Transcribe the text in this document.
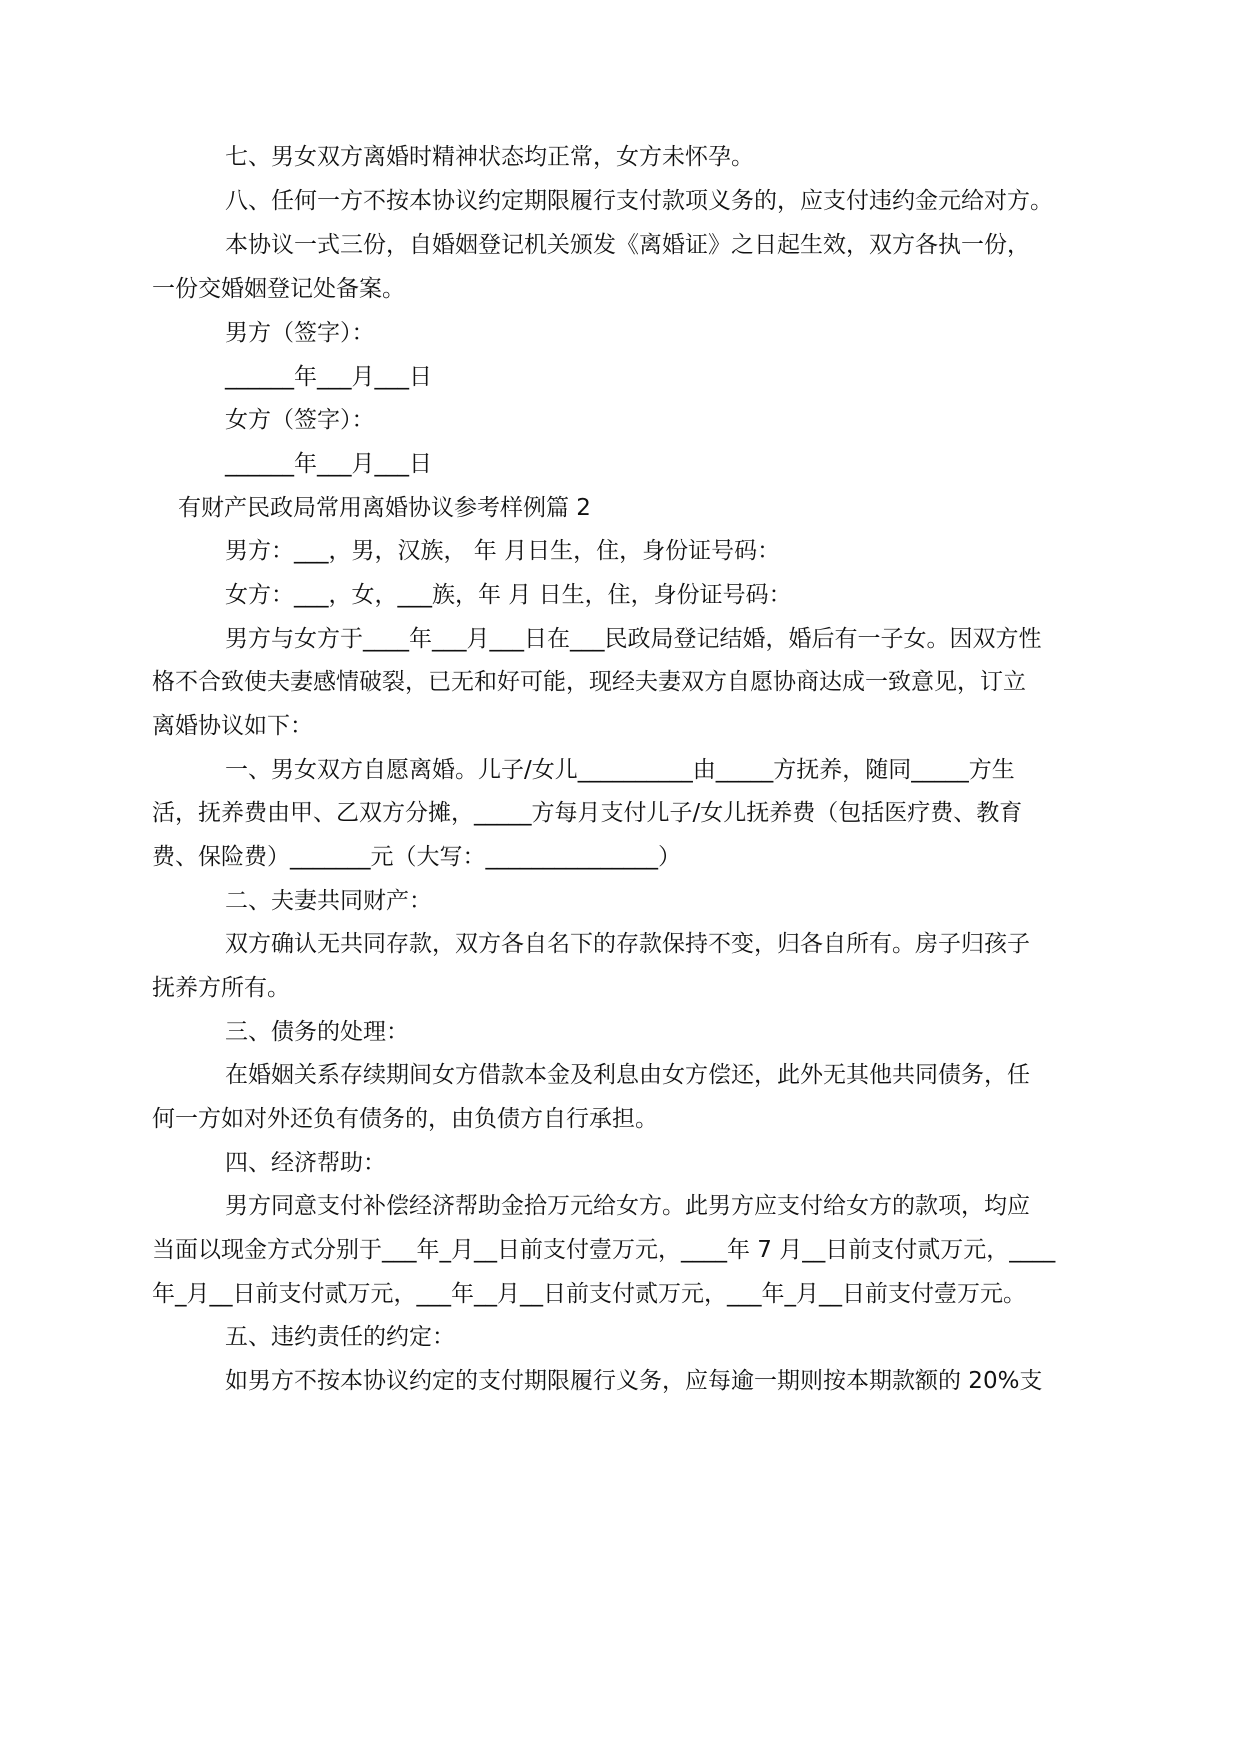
七、男女双方离婚时精神状态均正常，女方未怀孕。
八、任何一方不按本协议约定期限履行支付款项义务的，应支付违约金元给对方。
本协议一式三份，自婚姻登记机关颁发《离婚证》之日起生效，双方各执一份，
一份交婚姻登记处备案。
男方（签字）：
______年___月___日
女方（签字）：
______年___月___日
有财产民政局常用离婚协议参考样例篇 2
男方：___，男，汉族， 年 月日生，住，身份证号码：
女方：___，女，___族，年 月 日生，住，身份证号码：
男方与女方于____年___月___日在___民政局登记结婚，婚后有一子女。因双方性
格不合致使夫妻感情破裂，已无和好可能，现经夫妻双方自愿协商达成一致意见，订立
离婚协议如下：
一、男女双方自愿离婚。儿子/女儿__________由_____方抚养，随同_____方生
活，抚养费由甲、乙双方分摊，_____方每月支付儿子/女儿抚养费（包括医疗费、教育
费、保险费）_______元（大写：_______________）
二、夫妻共同财产：
双方确认无共同存款，双方各自名下的存款保持不变，归各自所有。房子归孩子
抚养方所有。
三、债务的处理：
在婚姻关系存续期间女方借款本金及利息由女方偿还，此外无其他共同债务，任
何一方如对外还负有债务的，由负债方自行承担。
四、经济帮助：
男方同意支付补偿经济帮助金拾万元给女方。此男方应支付给女方的款项，均应
当面以现金方式分别于___年_月__日前支付壹万元，____年 7 月__日前支付贰万元，____
年_月__日前支付贰万元，___年__月__日前支付贰万元，___年_月__日前支付壹万元。
五、违约责任的约定：
如男方不按本协议约定的支付期限履行义务，应每逾一期则按本期款额的 20%支
